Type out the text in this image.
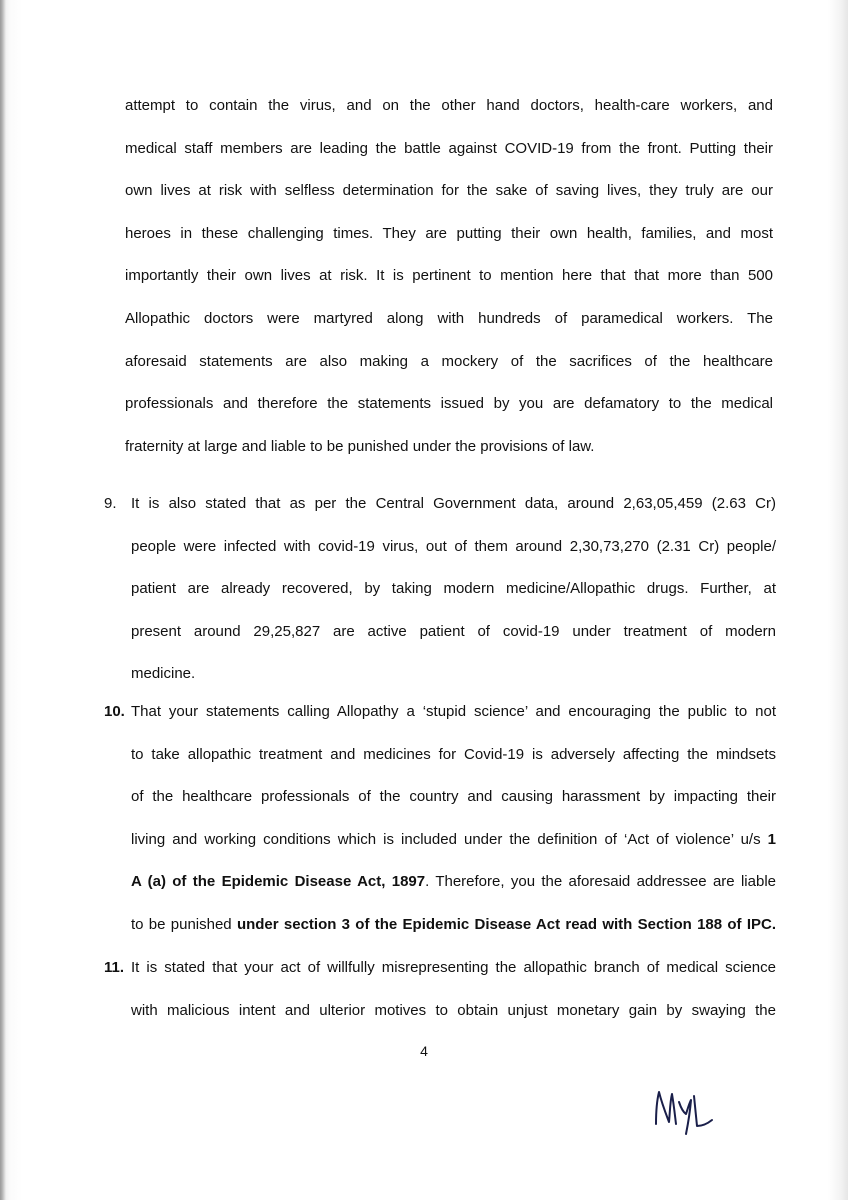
attempt to contain the virus, and on the other hand doctors, health-care workers, and
medical staff members are leading the battle against COVID-19 from the front. Putting their
own lives at risk with selfless determination for the sake of saving lives, they truly are our
heroes in these challenging times. They are putting their own health, families, and most
importantly their own lives at risk. It is pertinent to mention here that that more than 500
Allopathic doctors were martyred along with hundreds of paramedical workers. The
aforesaid statements are also making a mockery of the sacrifices of the healthcare
professionals and therefore the statements issued by you are defamatory to the medical
fraternity at large and liable to be punished under the provisions of law.
9. It is also stated that as per the Central Government data, around 2,63,05,459 (2.63 Cr)
people were infected with covid-19 virus, out of them around 2,30,73,270 (2.31 Cr) people/
patient are already recovered, by taking modern medicine/Allopathic drugs. Further, at
present around 29,25,827 are active patient of covid-19 under treatment of modern
medicine.
10. That your statements calling Allopathy a ‘stupid science’ and encouraging the public to not
to take allopathic treatment and medicines for Covid-19 is adversely affecting the mindsets
of the healthcare professionals of the country and causing harassment by impacting their
living and working conditions which is included under the definition of ‘Act of violence’ u/s 1
A (a) of the Epidemic Disease Act, 1897. Therefore, you the aforesaid addressee are liable
to be punished under section 3 of the Epidemic Disease Act read with Section 188 of IPC.
11. It is stated that your act of willfully misrepresenting the allopathic branch of medical science
with malicious intent and ulterior motives to obtain unjust monetary gain by swaying the
4
